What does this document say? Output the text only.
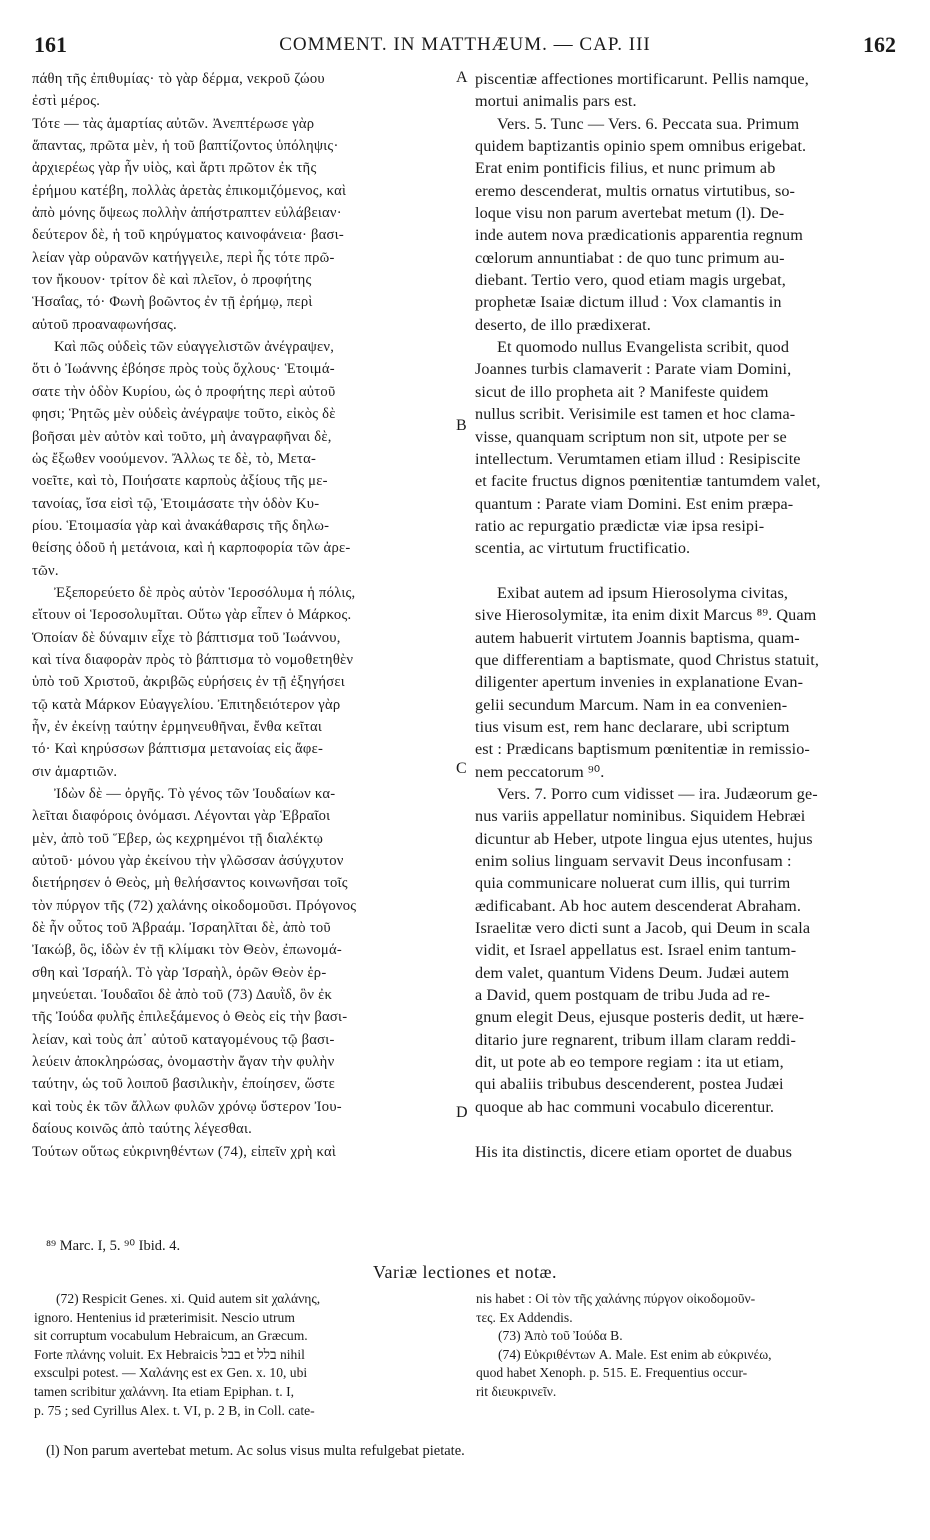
161	COMMENT. IN MATTHÆUM. — CAP. III	162
πάθη τῆς ἐπιθυμίας· τὸ γὰρ δέρμα, νεκροῦ ζώου
ἐστὶ μέρος.
Τότε — τὰς ἁμαρτίας αὐτῶν. Ἀνεπτέρωσε γὰρ
ἅπαντας, πρῶτα μὲν, ἡ τοῦ βαπτίζοντος ὑπόληψις·
ἀρχιερέως γὰρ ἦν υἱὸς, καὶ ἄρτι πρῶτον ἐκ τῆς
ἐρήμου κατέβη, πολλὰς ἀρετὰς ἐπικομιζόμενος, καὶ
ἀπὸ μόνης ὄψεως πολλὴν ἀπήστραπτεν εὐλάβειαν·
δεύτερον δὲ, ἡ τοῦ κηρύγματος καινοφάνεια· βασι-
λείαν γὰρ οὐρανῶν κατήγγειλε, περὶ ἧς τότε πρῶ-
τον ἤκουον· τρίτον δὲ καὶ πλεῖον, ὁ προφήτης
Ἡσαΐας, τό· Φωνὴ βοῶντος ἐν τῇ ἐρήμῳ, περὶ
αὐτοῦ προαναφωνήσας.
Καὶ πῶς οὐδεὶς τῶν εὐαγγελιστῶν ἀνέγραψεν,
ὅτι ὁ Ἰωάννης ἐβόησε πρὸς τοὺς ὄχλους· Ἑτοιμά-
σατε τὴν ὁδὸν Κυρίου, ὡς ὁ προφήτης περὶ αὐτοῦ
φησι; Ῥητῶς μὲν οὐδεὶς ἀνέγραψε τοῦτο, εἰκὸς δὲ
βοῆσαι μὲν αὐτὸν καὶ τοῦτο, μὴ ἀναγραφῆναι δὲ,
ὡς ἔξωθεν νοούμενον. Ἄλλως τε δὲ, τὸ, Μετα-
νοεῖτε, καὶ τὸ, Ποιήσατε καρποὺς ἀξίους τῆς με-
τανοίας, ἴσα εἰσὶ τῷ, Ἑτοιμάσατε τὴν ὁδὸν Κυ-
ρίου. Ἑτοιμασία γὰρ καὶ ἀνακάθαρσις τῆς δηλω-
θείσης ὁδοῦ ἡ μετάνοια, καὶ ἡ καρποφορία τῶν ἀρε-
τῶν.
Ἐξεπορεύετο δὲ πρὸς αὐτὸν Ἱεροσόλυμα ἡ πόλις,
εἴτουν οἱ Ἱεροσολυμῖται. Οὕτω γὰρ εἶπεν ὁ Μάρκος.
Ὁποίαν δὲ δύναμιν εἶχε τὸ βάπτισμα τοῦ Ἰωάννου,
καὶ τίνα διαφορὰν πρὸς τὸ βάπτισμα τὸ νομοθετηθὲν
ὑπὸ τοῦ Χριστοῦ, ἀκριβῶς εὑρήσεις ἐν τῇ ἐξηγήσει
τῷ κατὰ Μάρκον Εὐαγγελίου. Ἐπιτηδειότερον γὰρ
ἦν, ἐν ἐκείνῃ ταύτην ἑρμηνευθῆναι, ἔνθα κεῖται
τό· Καὶ κηρύσσων βάπτισμα μετανοίας εἰς ἄφε-
σιν ἁμαρτιῶν.
Ἰδὼν δὲ — ὀργῆς. Τὸ γένος τῶν Ἰουδαίων κα-
λεῖται διαφόροις ὀνόμασι. Λέγονται γὰρ Ἑβραῖοι
μὲν, ἀπὸ τοῦ Ἕβερ, ὡς κεχρημένοι τῇ διαλέκτῳ
αὐτοῦ· μόνου γὰρ ἐκείνου τὴν γλῶσσαν ἀσύγχυτον
διετήρησεν ὁ Θεὸς, μὴ θελήσαντος κοινωνῆσαι τοῖς
τὸν πύργον τῆς (72) χαλάνης οἰκοδομοῦσι. Πρόγονος
δὲ ἦν οὗτος τοῦ Ἀβραάμ. Ἰσραηλῖται δὲ, ἀπὸ τοῦ
Ἰακώβ, ὃς, ἰδὼν ἐν τῇ κλίμακι τὸν Θεὸν, ἐπωνομά-
σθη καὶ Ἰσραήλ. Τὸ γὰρ Ἰσραὴλ, ὁρῶν Θεὸν ἑρ-
μηνεύεται. Ἰουδαῖοι δὲ ἀπὸ τοῦ (73) Δαυῒδ, ὃν ἐκ
τῆς Ἰούδα φυλῆς ἐπιλεξάμενος ὁ Θεὸς εἰς τὴν βασι-
λείαν, καὶ τοὺς ἀπ᾽ αὐτοῦ καταγομένους τῷ βασι-
λεύειν ἀποκληρώσας, ὀνομαστὴν ἄγαν τὴν φυλὴν
ταύτην, ὡς τοῦ λοιποῦ βασιλικὴν, ἐποίησεν, ὥστε
καὶ τοὺς ἐκ τῶν ἄλλων φυλῶν χρόνῳ ὕστερον Ἰου-
δαίους κοινῶς ἀπὸ ταύτης λέγεσθαι.
Τούτων οὕτως εὐκρινηθέντων (74), εἰπεῖν χρὴ καὶ
piscentiæ affectiones mortificarunt. Pellis namque,
mortui animalis pars est.
Vers. 5. Tunc — Vers. 6. Peccata sua. Primum
quidem baptizantis opinio spem omnibus erigebat.
Erat enim pontificis filius, et nunc primum ab
eremo descenderat, multis ornatus virtutibus, so-
loque visu non parum avertebat metum (l). De-
inde autem nova prædicationis apparentia regnum
cœlorum annuntiabat : de quo tunc primum au-
diebant. Tertio vero, quod etiam magis urgebat,
prophetæ Isaiæ dictum illud : Vox clamantis in
deserto, de illo prædixerat.
Et quomodo nullus Evangelista scribit, quod
Joannes turbis clamaverit : Parate viam Domini,
sicut de illo propheta ait ? Manifeste quidem
nullus scribit. Verisimile est tamen et hoc clama-
visse, quanquam scriptum non sit, utpote per se
intellectum. Verumtamen etiam illud : Resipiscite
et facite fructus dignos pœnitentiæ tantumdem valet,
quantum : Parate viam Domini. Est enim præpa-
ratio ac repurgatio prædictæ viæ ipsa resipi-
scentia, ac virtutum fructificatio.
Exibat autem ad ipsum Hierosolyma civitas,
sive Hierosolymitæ, ita enim dixit Marcus ⁸⁹. Quam
autem habuerit virtutem Joannis baptisma, quam-
que differentiam a baptismate, quod Christus statuit,
diligenter apertum invenies in explanatione Evan-
gelii secundum Marcum. Nam in ea convenien-
tius visum est, rem hanc declarare, ubi scriptum
est : Prædicans baptismum pœnitentiæ in remissio-
nem peccatorum ⁹⁰.
Vers. 7. Porro cum vidisset — ira. Judæorum ge-
nus variis appellatur nominibus. Siquidem Hebræi
dicuntur ab Heber, utpote lingua ejus utentes, hujus
enim solius linguam servavit Deus inconfusam :
quia communicare noluerat cum illis, qui turrim
ædificabant. Ab hoc autem descenderat Abraham.
Israelitæ vero dicti sunt a Jacob, qui Deum in scala
vidit, et Israel appellatus est. Israel enim tantum-
dem valet, quantum Videns Deum. Judæi autem
a David, quem postquam de tribu Juda ad re-
gnum elegit Deus, ejusque posteris dedit, ut hære-
ditario jure regnarent, tribum illam claram reddi-
dit, ut pote ab eo tempore regiam : ita ut etiam,
qui abaliis tribubus descenderent, postea Judæi
quoque ab hac communi vocabulo dicerentur.
His ita distinctis, dicere etiam oportet de duabus
A
B
C
D
⁸⁹ Marc. I, 5. ⁹⁰ Ibid. 4.
Variæ lectiones et notæ.
(72) Respicit Genes. xi. Quid autem sit χαλάνης,
ignoro. Hentenius id præterimisit. Nescio utrum
sit corruptum vocabulum Hebraicum, an Græcum.
Forte πλάνης voluit. Ex Hebraicis בבל et בלל nihil
exsculpi potest. — Χαλάνης est ex Gen. x. 10, ubi
tamen scribitur χαλάννη. Ita etiam Epiphan. t. I,
p. 75 ; sed Cyrillus Alex. t. VI, p. 2 B, in Coll. cate-
nis habet : Οἱ τὸν τῆς χαλάνης πύργον οἰκοδομοῦν-
τες. Ex Addendis.
(73) Ἀπὸ τοῦ Ἰούδα B.
(74) Εὐκριθέντων A. Male. Est enim ab εὐκρινέω,
quod habet Xenoph. p. 515. E. Frequentius occur-
rit διευκρινεῖν.
(l) Non parum avertebat metum. Ac solus visus multa refulgebat pietate.
